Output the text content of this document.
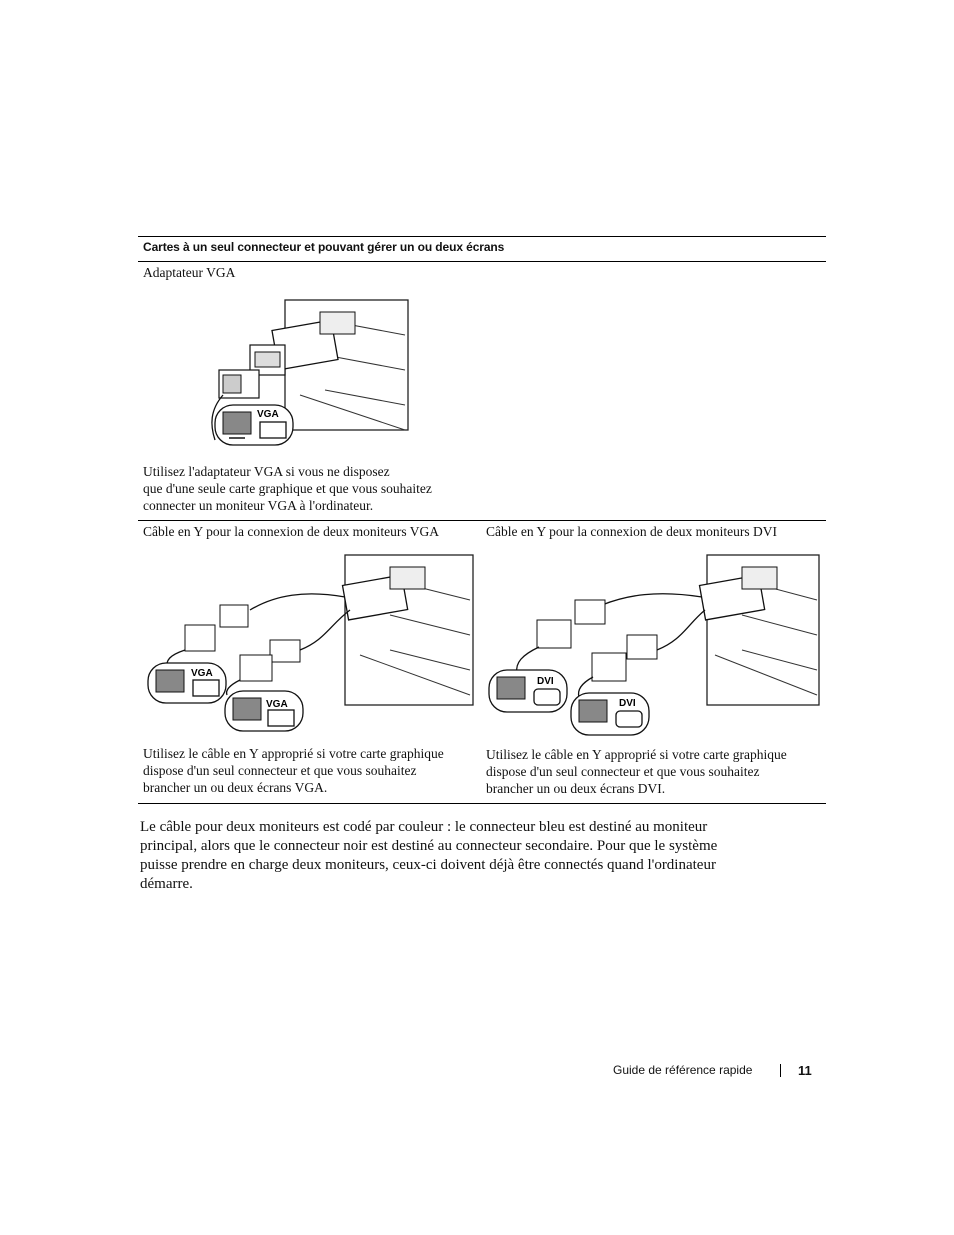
Cartes à un seul connecteur et pouvant gérer un ou deux écrans
Adaptateur VGA
VGA
Utilisez l'adaptateur VGA si vous ne disposez
que d'une seule carte graphique et que vous souhaitez
connecter un moniteur VGA à l'ordinateur.
Câble en Y pour la connexion de deux moniteurs VGA
VGA
VGA
Utilisez le câble en Y approprié si votre carte graphique
dispose d'un seul connecteur et que vous souhaitez
brancher un ou deux écrans VGA.
Câble en Y pour la connexion de deux moniteurs DVI
DVI
DVI
Utilisez le câble en Y approprié si votre carte graphique
dispose d'un seul connecteur et que vous souhaitez
brancher un ou deux écrans DVI.
Le câble pour deux moniteurs est codé par couleur : le connecteur bleu est destiné au moniteur
principal, alors que le connecteur noir est destiné au connecteur secondaire. Pour que le système
puisse prendre en charge deux moniteurs, ceux-ci doivent déjà être connectés quand l'ordinateur
démarre.
Guide de référence rapide	11
